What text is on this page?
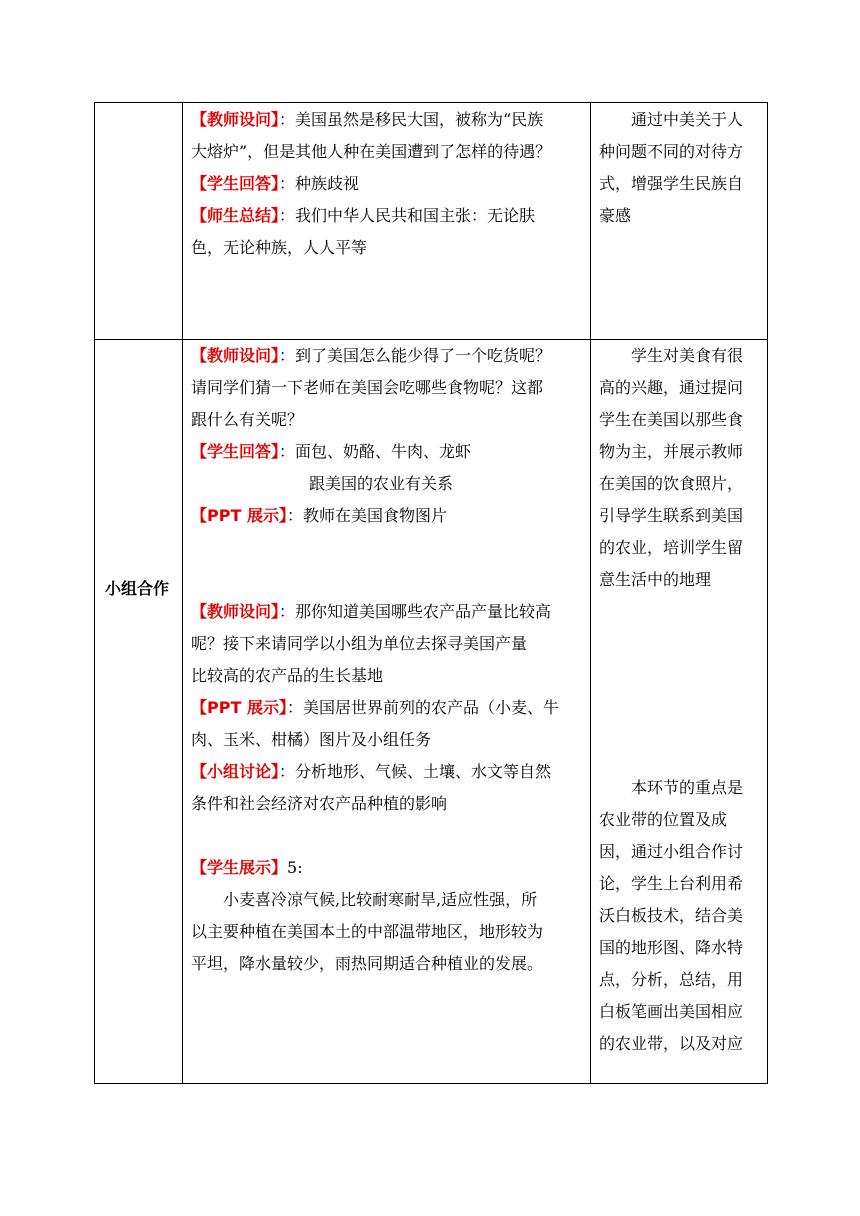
【教师设问】：美国虽然是移民大国，被称为“民族

大熔炉”，但是其他人种在美国遭到了怎样的待遇？

【学生回答】：种族歧视

【师生总结】：我们中华人民共和国主张：无论肤

色，无论种族，人人平等

通过中美关于人

种问题不同的对待方

式，增强学生民族自

豪感

小组合作

【教师设问】：到了美国怎么能少得了一个吃货呢？

请同学们猜一下老师在美国会吃哪些食物呢？这都

跟什么有关呢？

【学生回答】：面包、奶酪、牛肉、龙虾

跟美国的农业有关系

【PPT 展示】：教师在美国食物图片

【教师设问】：那你知道美国哪些农产品产量比较高

呢？接下来请同学以小组为单位去探寻美国产量

比较高的农产品的生长基地

【PPT 展示】：美国居世界前列的农产品（小麦、牛

肉、玉米、柑橘）图片及小组任务

【小组讨论】：分析地形、气候、土壤、水文等自然

条件和社会经济对农产品种植的影响

【学生展示】5:

小麦喜冷凉气候,比较耐寒耐旱,适应性强，所

以主要种植在美国本土的中部温带地区，地形较为

平坦，降水量较少，雨热同期适合种植业的发展。

学生对美食有很

高的兴趣，通过提问

学生在美国以那些食

物为主，并展示教师

在美国的饮食照片，

引导学生联系到美国

的农业，培训学生留

意生活中的地理

本环节的重点是

农业带的位置及成

因，通过小组合作讨

论，学生上台利用希

沃白板技术，结合美

国的地形图、降水特

点，分析，总结，用

白板笔画出美国相应

的农业带，以及对应
